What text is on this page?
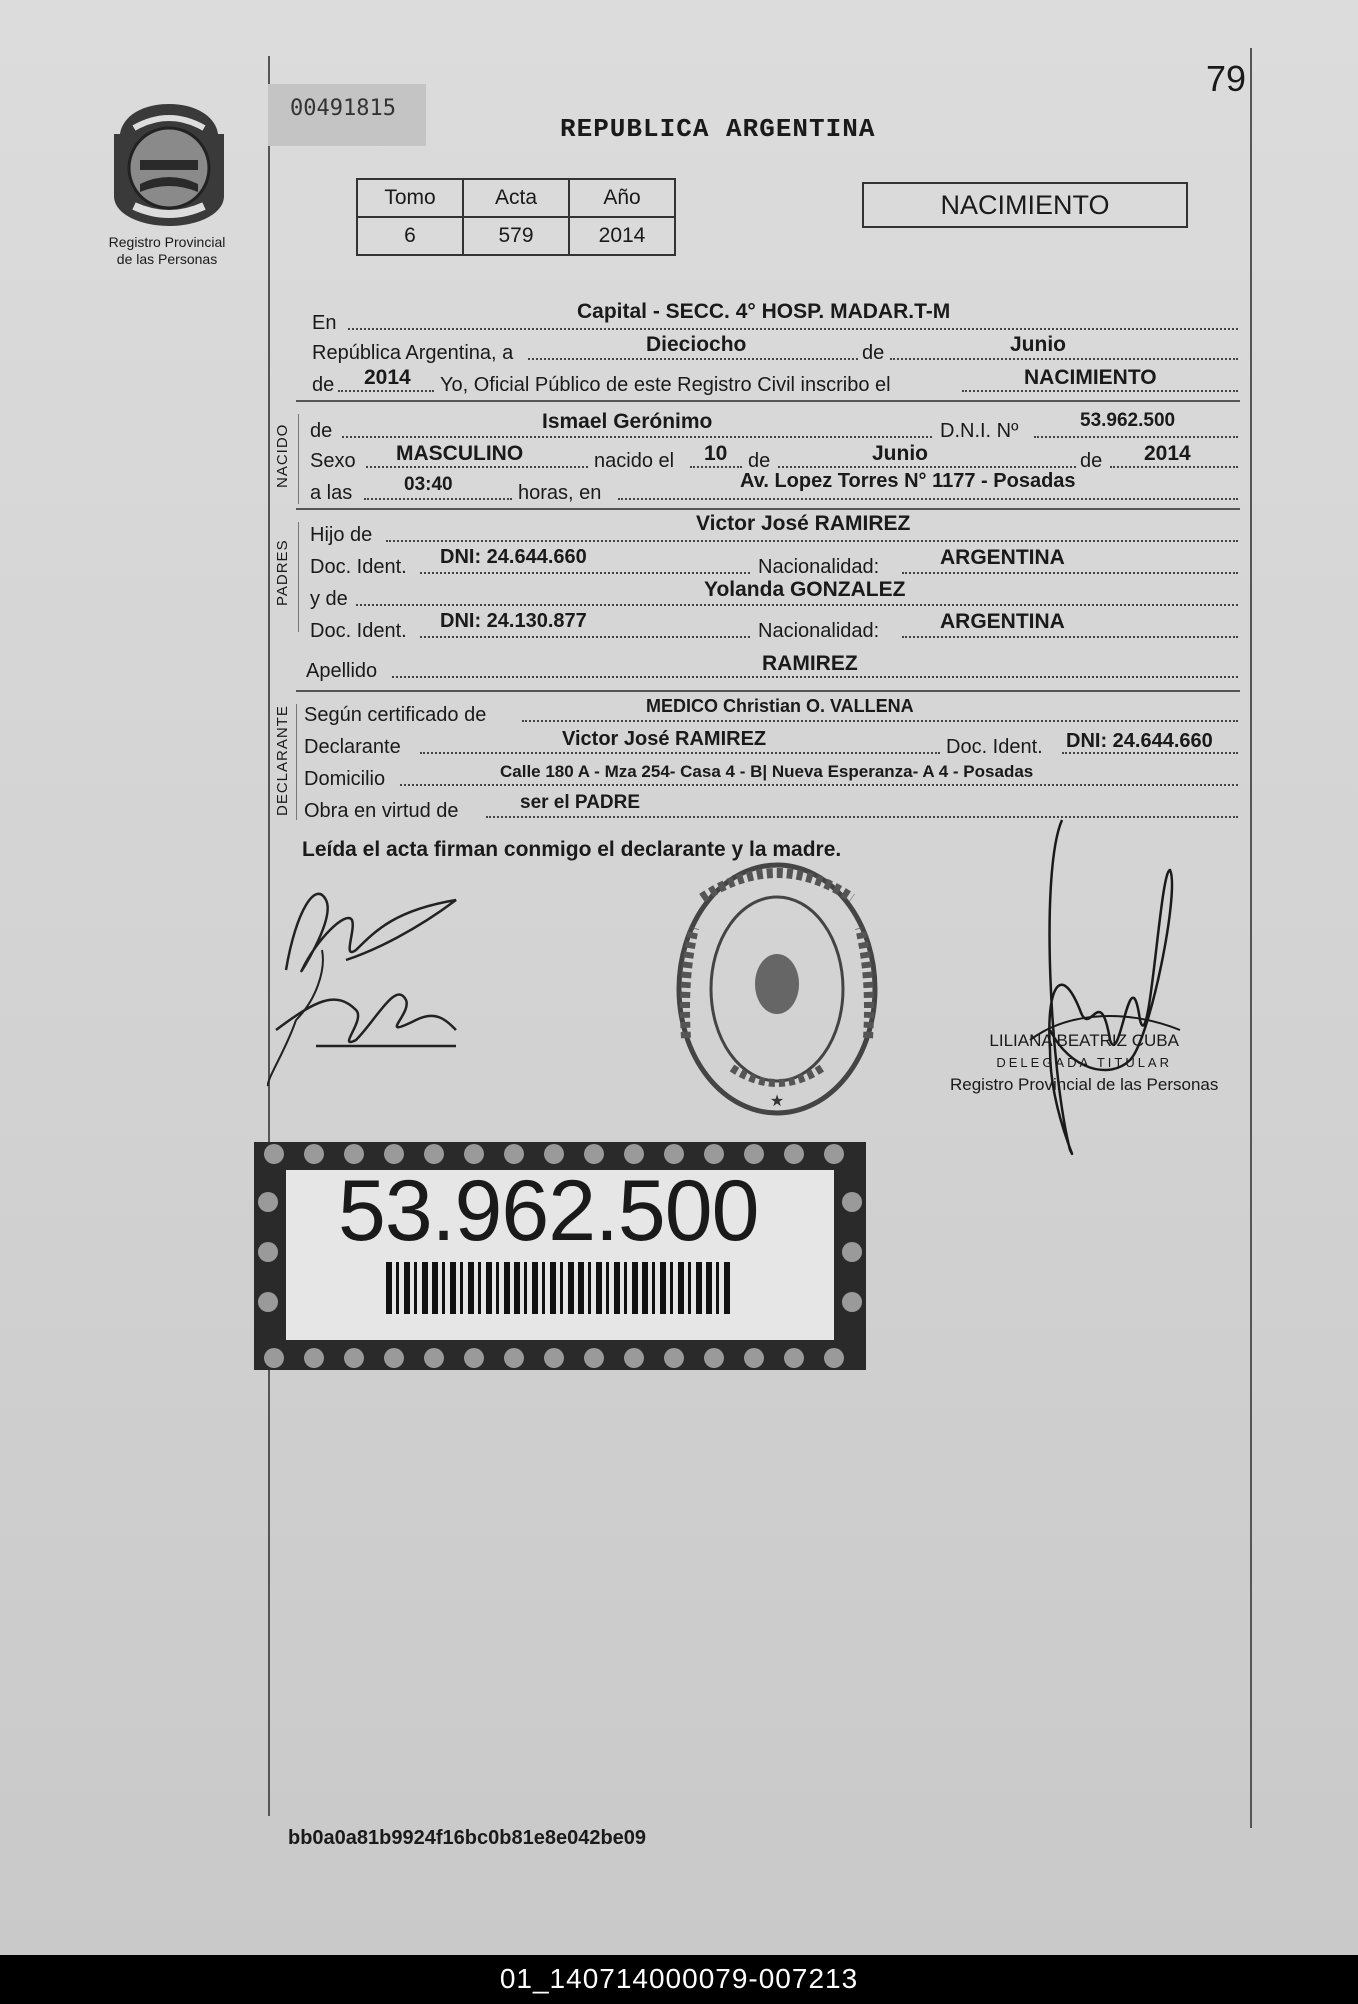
Registro Provincial
de las Personas
00491815
79
REPUBLICA ARGENTINA
Tomo	Acta	Año
6	579	2014
NACIMIENTO
En	Capital - SECC. 4° HOSP. MADAR.T-M
República Argentina, a	Dieciocho	de	Junio
de 2014 Yo, Oficial Público de este Registro Civil inscribo el	NACIMIENTO
NACIDO de	Ismael Gerónimo	D.N.I. Nº	53.962.500
Sexo MASCULINO	nacido el 10 de	Junio	de 2014
a las	03:40	horas, en
Av. Lopez Torres N° 1177 - Posadas
PADRES
Hijo de	Victor José RAMIREZ
Doc. Ident. DNI: 24.644.660	Nacionalidad:	ARGENTINA
y de	Yolanda GONZALEZ
Doc. Ident. DNI: 24.130.877	Nacionalidad:	ARGENTINA
Apellido	RAMIREZ
DECLARANTE Según certificado de	MEDICO Christian O. VALLENA
Declarante	Victor José RAMIREZ	Doc. Ident. DNI: 24.644.660
Domicilio	Calle 180 A - Mza 254- Casa 4 - B| Nueva Esperanza- A 4 - Posadas
Obra en virtud de	ser el PADRE
Leída el acta firman conmigo el declarante y la madre.
★
LILIANA BEATRIZ CUBA
DELEGADA TITULAR
Registro Provincial de las Personas
53.962.500
bb0a0a81b9924f16bc0b81e8e042be09
01_140714000079-007213
